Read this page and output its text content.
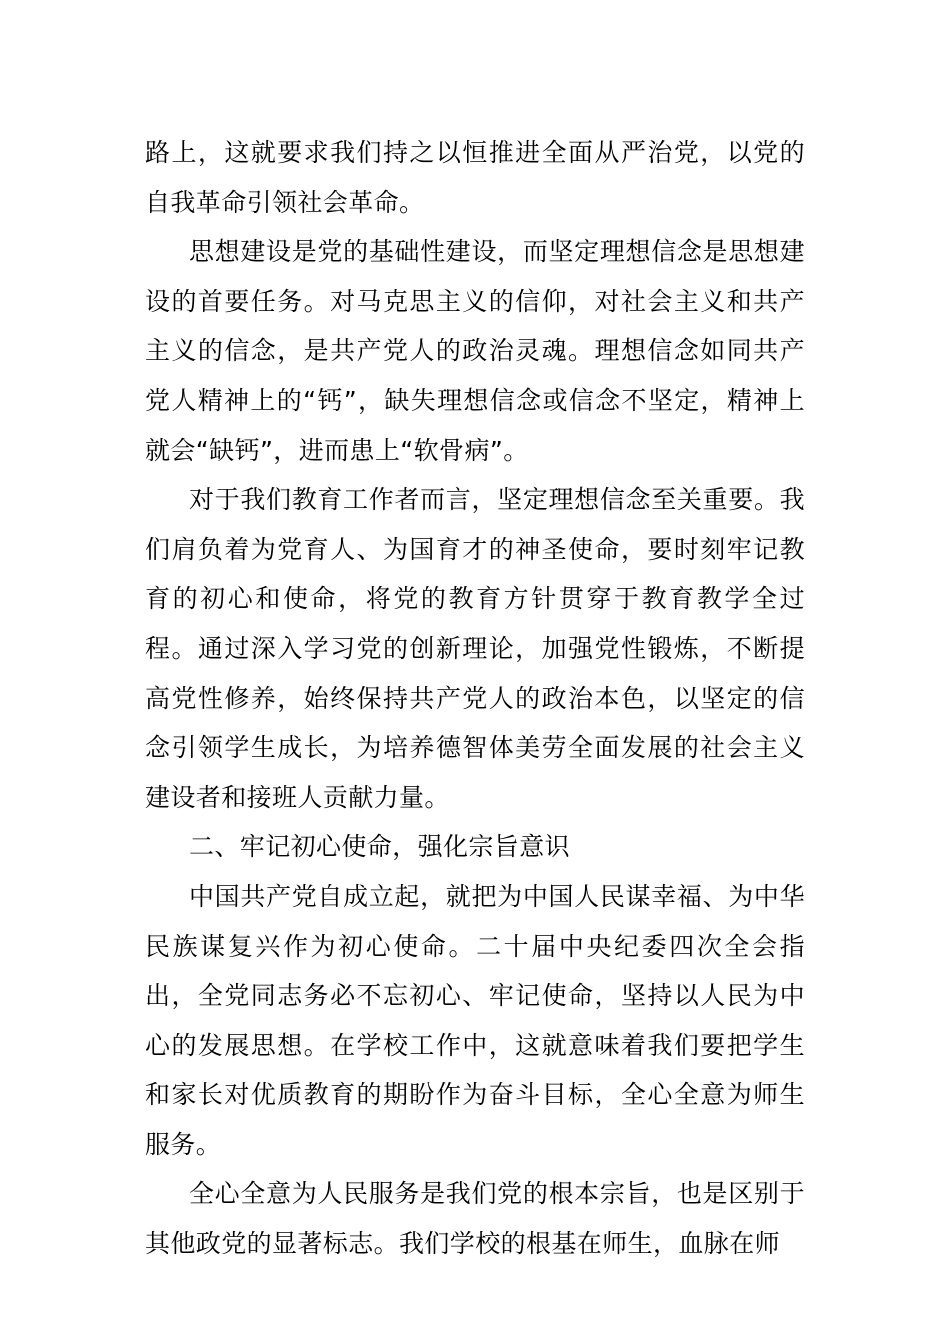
路上，这就要求我们持之以恒推进全面从严治党，以党的自我革命引领社会革命。

思想建设是党的基础性建设，而坚定理想信念是思想建设的首要任务。对马克思主义的信仰，对社会主义和共产主义的信念，是共产党人的政治灵魂。理想信念如同共产党人精神上的“钙”，缺失理想信念或信念不坚定，精神上就会“缺钙”，进而患上“软骨病”。

对于我们教育工作者而言，坚定理想信念至关重要。我们肩负着为党育人、为国育才的神圣使命，要时刻牢记教育的初心和使命，将党的教育方针贯穿于教育教学全过程。通过深入学习党的创新理论，加强党性锻炼，不断提高党性修养，始终保持共产党人的政治本色，以坚定的信念引领学生成长，为培养德智体美劳全面发展的社会主义建设者和接班人贡献力量。

二、牢记初心使命，强化宗旨意识

中国共产党自成立起，就把为中国人民谋幸福、为中华民族谋复兴作为初心使命。二十届中央纪委四次全会指出，全党同志务必不忘初心、牢记使命，坚持以人民为中心的发展思想。在学校工作中，这就意味着我们要把学生和家长对优质教育的期盼作为奋斗目标，全心全意为师生服务。

全心全意为人民服务是我们党的根本宗旨，也是区别于其他政党的显著标志。我们学校的根基在师生，血脉在师
